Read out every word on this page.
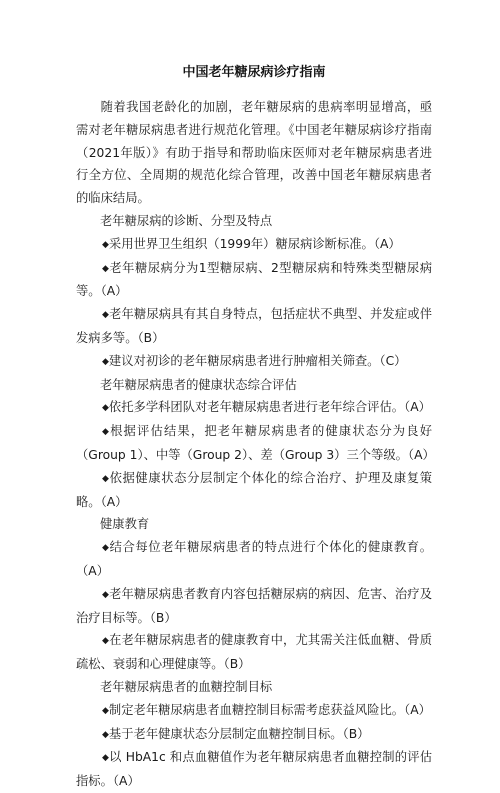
中国老年糖尿病诊疗指南

随着我国老龄化的加剧，老年糖尿病的患病率明显增高，亟需对老年糖尿病患者进行规范化管理。《中国老年糖尿病诊疗指南（2021年版）》有助于指导和帮助临床医师对老年糖尿病患者进行全方位、全周期的规范化综合管理，改善中国老年糖尿病患者的临床结局。

老年糖尿病的诊断、分型及特点

◆采用世界卫生组织（1999年）糖尿病诊断标准。（A）

◆老年糖尿病分为1型糖尿病、2型糖尿病和特殊类型糖尿病等。（A）

◆老年糖尿病具有其自身特点，包括症状不典型、并发症或伴发病多等。（B）

◆建议对初诊的老年糖尿病患者进行肿瘤相关筛查。（C）

老年糖尿病患者的健康状态综合评估

◆依托多学科团队对老年糖尿病患者进行老年综合评估。（A）

◆根据评估结果，把老年糖尿病患者的健康状态分为良好（Group 1）、中等（Group 2）、差（Group 3）三个等级。（A）

◆依据健康状态分层制定个体化的综合治疗、护理及康复策略。（A）

健康教育

◆结合每位老年糖尿病患者的特点进行个体化的健康教育。（A）

◆老年糖尿病患者教育内容包括糖尿病的病因、危害、治疗及治疗目标等。（B）

◆在老年糖尿病患者的健康教育中，尤其需关注低血糖、骨质疏松、衰弱和心理健康等。（B）

老年糖尿病患者的血糖控制目标

◆制定老年糖尿病患者血糖控制目标需考虑获益风险比。（A）

◆基于老年健康状态分层制定血糖控制目标。（B）

◆以 HbA1c 和点血糖值作为老年糖尿病患者血糖控制的评估指标。（A）
